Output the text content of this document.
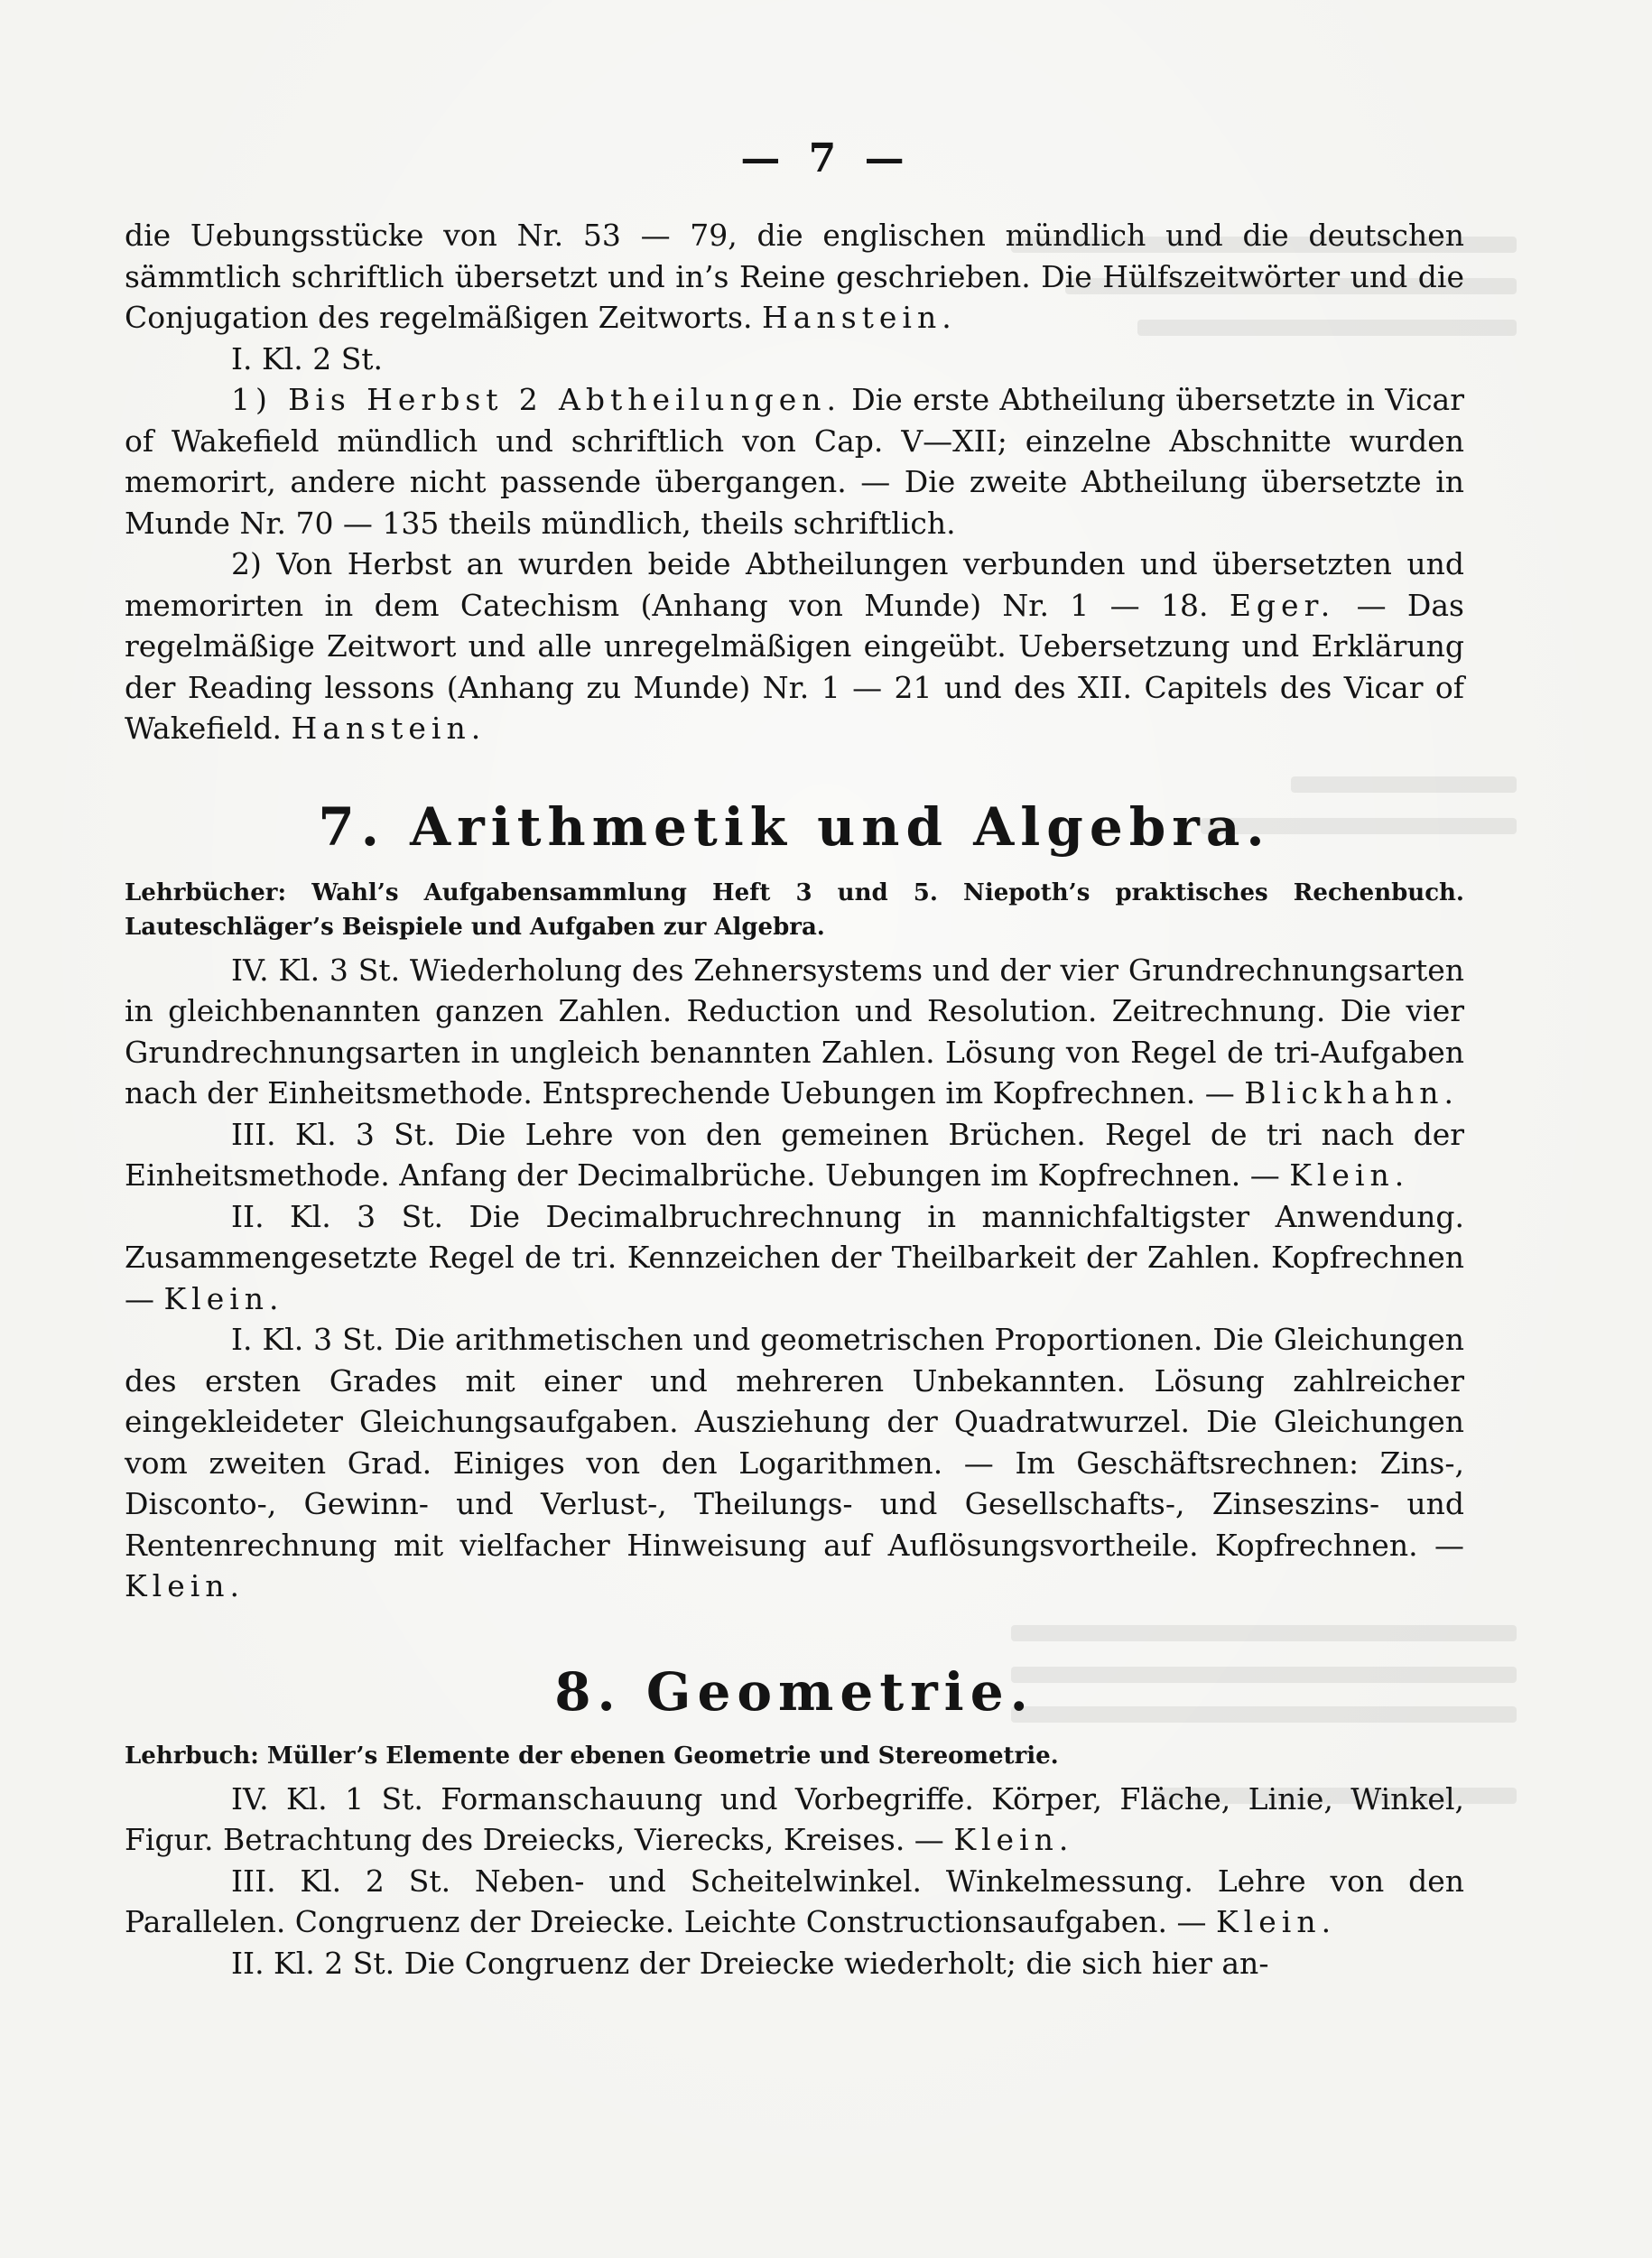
— 7 —

die Uebungsstücke von Nr. 53 — 79, die englischen mündlich und die deutschen sämmtlich schriftlich übersetzt und in’s Reine geschrieben. Die Hülfszeitwörter und die Conjugation des regelmäßigen Zeitworts. Hanstein.

I. Kl. 2 St.

1) Bis Herbst 2 Abtheilungen. Die erste Abtheilung übersetzte in Vicar of Wakefield mündlich und schriftlich von Cap. V—XII; einzelne Abschnitte wurden memorirt, andere nicht passende übergangen. — Die zweite Abtheilung übersetzte in Munde Nr. 70 — 135 theils mündlich, theils schriftlich.

2) Von Herbst an wurden beide Abtheilungen verbunden und übersetzten und memorirten in dem Catechism (Anhang von Munde) Nr. 1 — 18. Eger. — Das regelmäßige Zeitwort und alle unregelmäßigen eingeübt. Uebersetzung und Erklärung der Reading lessons (Anhang zu Munde) Nr. 1 — 21 und des XII. Capitels des Vicar of Wakefield. Hanstein.

7. Arithmetik und Algebra.

Lehrbücher: Wahl’s Aufgabensammlung Heft 3 und 5. Niepoth’s praktisches Rechenbuch. Lauteschläger’s Beispiele und Aufgaben zur Algebra.

IV. Kl. 3 St. Wiederholung des Zehnersystems und der vier Grundrechnungsarten in gleichbenannten ganzen Zahlen. Reduction und Resolution. Zeitrechnung. Die vier Grundrechnungsarten in ungleich benannten Zahlen. Lösung von Regel de tri-Aufgaben nach der Einheitsmethode. Entsprechende Uebungen im Kopfrechnen. — Blickhahn.

III. Kl. 3 St. Die Lehre von den gemeinen Brüchen. Regel de tri nach der Einheitsmethode. Anfang der Decimalbrüche. Uebungen im Kopfrechnen. — Klein.

II. Kl. 3 St. Die Decimalbruchrechnung in mannichfaltigster Anwendung. Zusammengesetzte Regel de tri. Kennzeichen der Theilbarkeit der Zahlen. Kopfrechnen — Klein.

I. Kl. 3 St. Die arithmetischen und geometrischen Proportionen. Die Gleichungen des ersten Grades mit einer und mehreren Unbekannten. Lösung zahlreicher eingekleideter Gleichungsaufgaben. Ausziehung der Quadratwurzel. Die Gleichungen vom zweiten Grad. Einiges von den Logarithmen. — Im Geschäftsrechnen: Zins-, Disconto-, Gewinn- und Verlust-, Theilungs- und Gesellschafts-, Zinseszins- und Rentenrechnung mit vielfacher Hinweisung auf Auflösungsvortheile. Kopfrechnen. — Klein.

8. Geometrie.

Lehrbuch: Müller’s Elemente der ebenen Geometrie und Stereometrie.

IV. Kl. 1 St. Formanschauung und Vorbegriffe. Körper, Fläche, Linie, Winkel, Figur. Betrachtung des Dreiecks, Vierecks, Kreises. — Klein.

III. Kl. 2 St. Neben- und Scheitelwinkel. Winkelmessung. Lehre von den Parallelen. Congruenz der Dreiecke. Leichte Constructionsaufgaben. — Klein.

II. Kl. 2 St. Die Congruenz der Dreiecke wiederholt; die sich hier an-
